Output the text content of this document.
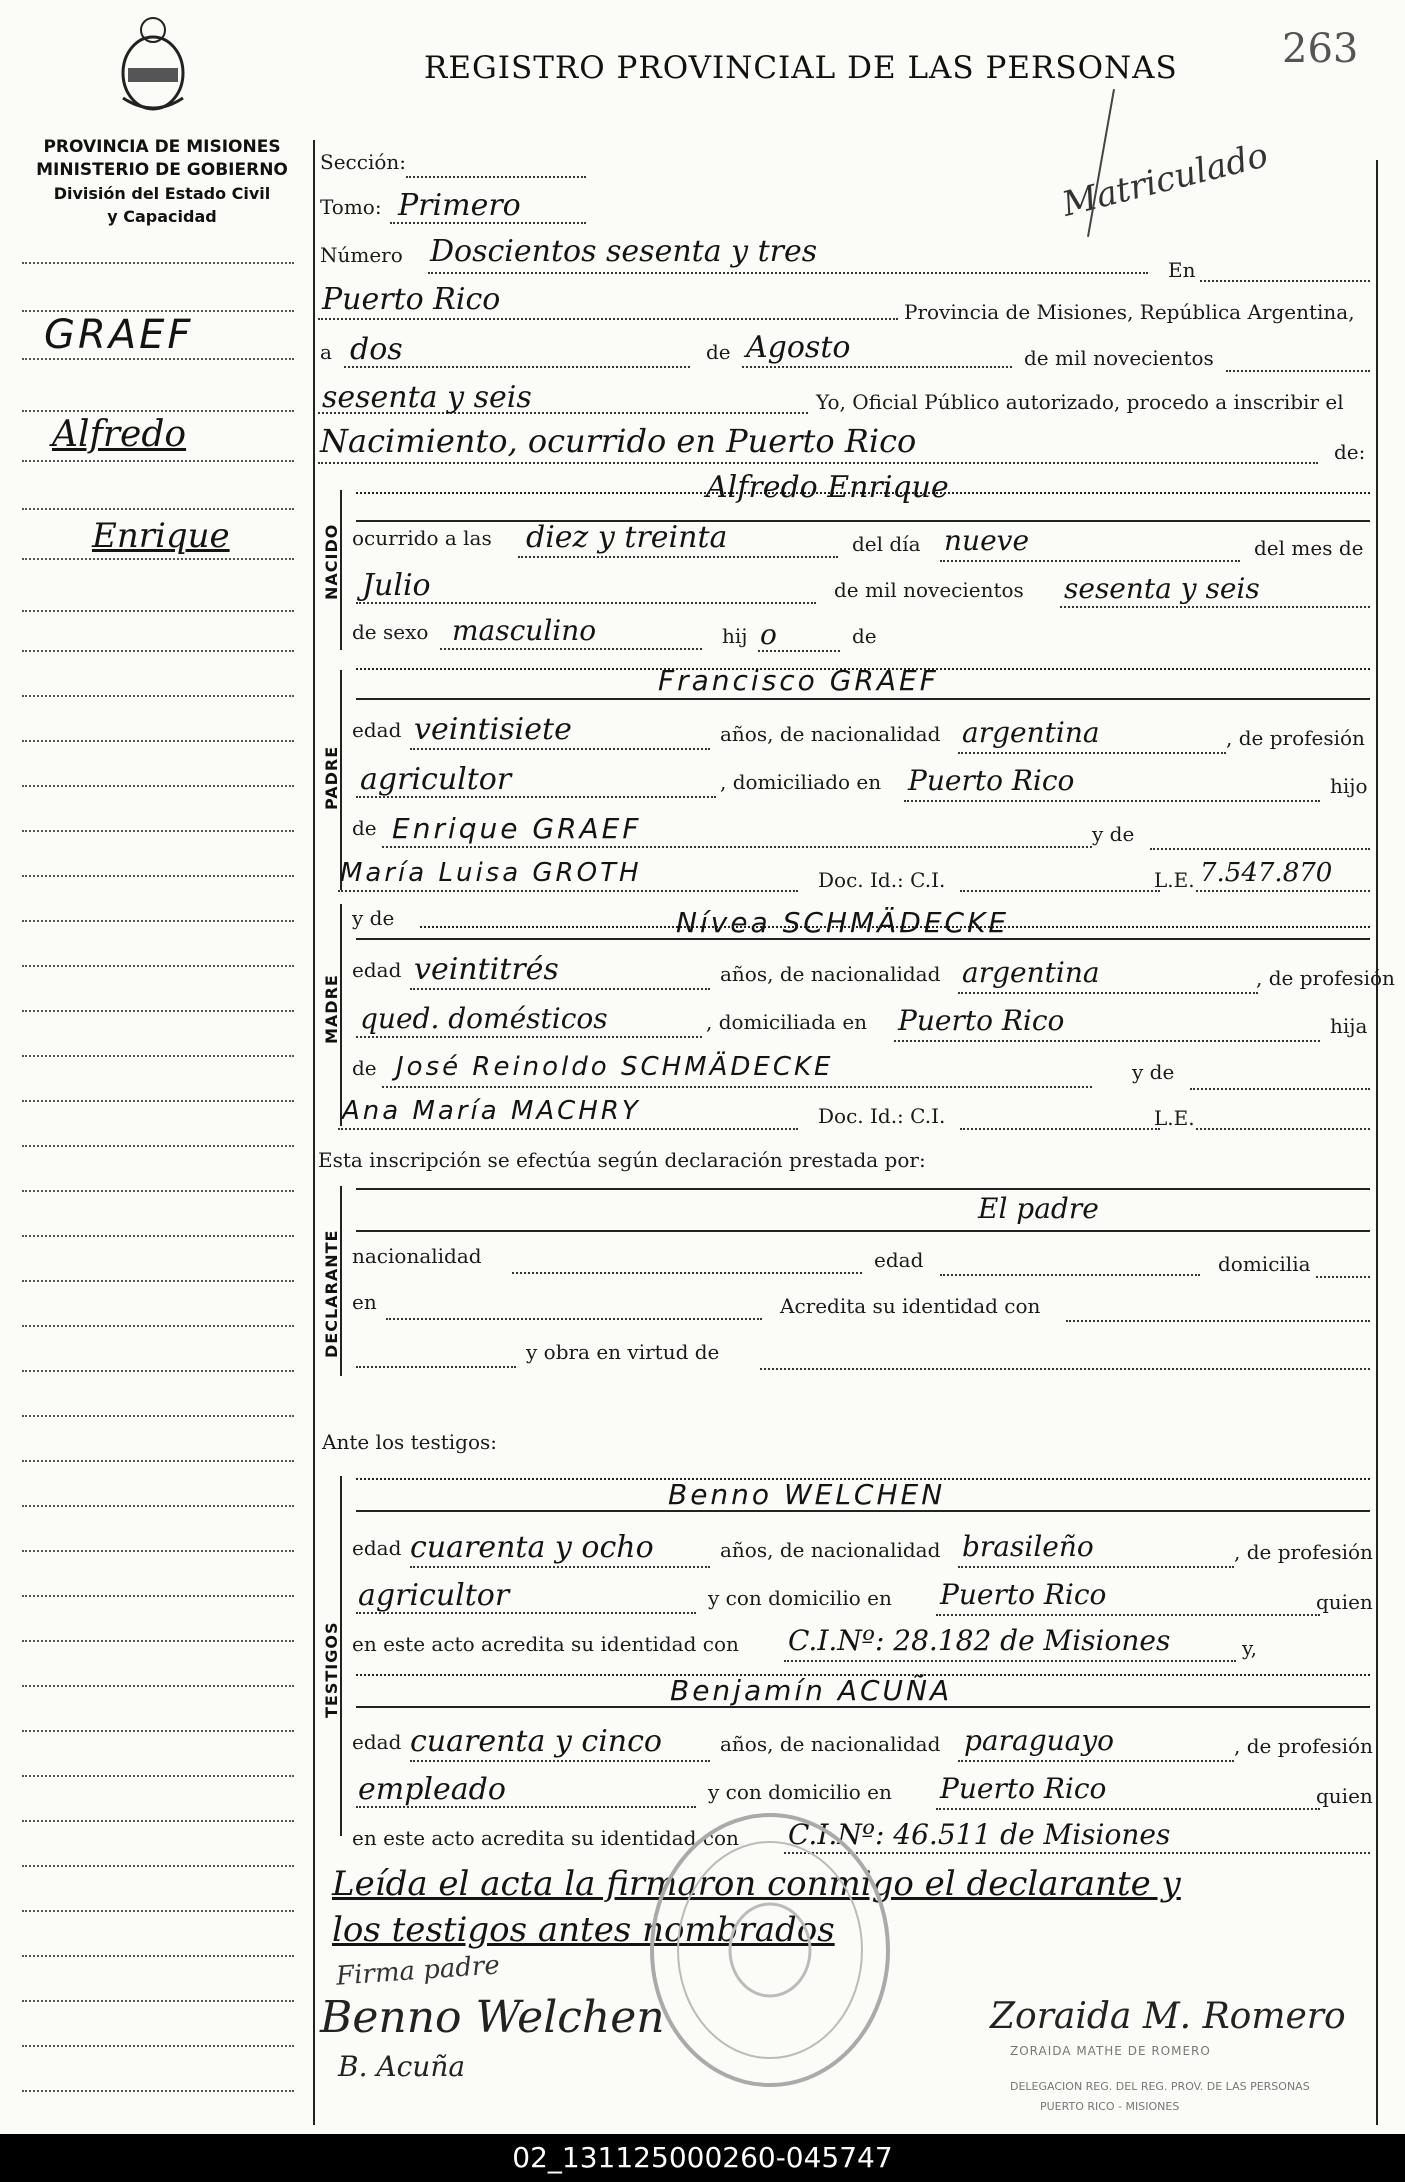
PROVINCIA DE MISIONES
MINISTERIO DE GOBIERNO
División del Estado Civil
y Capacidad
REGISTRO PROVINCIAL DE LAS PERSONAS	263
Matriculado
GRAEF
Alfredo
Enrique
Sección:
Tomo: Primero
Número Doscientos sesenta y tres
En
Puerto Rico	Provincia de Misiones, República Argentina,
a dos	de Agosto	de mil novecientos
sesenta y seis	Yo, Oficial Público autorizado, procedo a inscribir el
Nacimiento, ocurrido en Puerto Rico	de:
NACIDO
Alfredo Enrique
ocurrido a las diez y treinta	del día nueve	del mes de
Julio	de mil novecientos sesenta y seis
de sexo masculino	hij o	de
PADRE
Francisco GRAEF
edad veintisiete	años, de nacionalidad argentina	, de profesión
agricultor	, domiciliado en Puerto Rico	hijo
de Enrique GRAEF	y de
María Luisa GROTH	Doc. Id.: C.I.	L.E. 7.547.870
MADRE
y de	Nívea SCHMÄDECKE
edad veintitrés	años, de nacionalidad argentina	, de profesión
qued. domésticos	, domiciliada en Puerto Rico	hija
de José Reinoldo SCHMÄDECKE	y de
Ana María MACHRY	Doc. Id.: C.I.	L.E.
Esta inscripción se efectúa según declaración prestada por:
DECLARANTE
El padre
nacionalidad	edad	domicilia
en	Acredita su identidad con
y obra en virtud de
Ante los testigos:
TESTIGOS
Benno WELCHEN
edad cuarenta y ocho	años, de nacionalidad brasileño	, de profesión
agricultor	y con domicilio en Puerto Rico	quien
en este acto acredita su identidad con C.I.Nº: 28.182 de Misiones	y,
Benjamín ACUÑA
edad cuarenta y cinco	años, de nacionalidad paraguayo	, de profesión
empleado	y con domicilio en Puerto Rico	quien
en este acto acredita su identidad con C.I.Nº: 46.511 de Misiones
Leída el acta la firmaron conmigo el declarante y
los testigos antes nombrados
Firma padre
Benno Welchen
B. Acuña
Zoraida M. Romero
ZORAIDA MATHE DE ROMERO
DELEGACION REG. DEL REG. PROV. DE LAS PERSONAS
PUERTO RICO - MISIONES
02_131125000260-045747
